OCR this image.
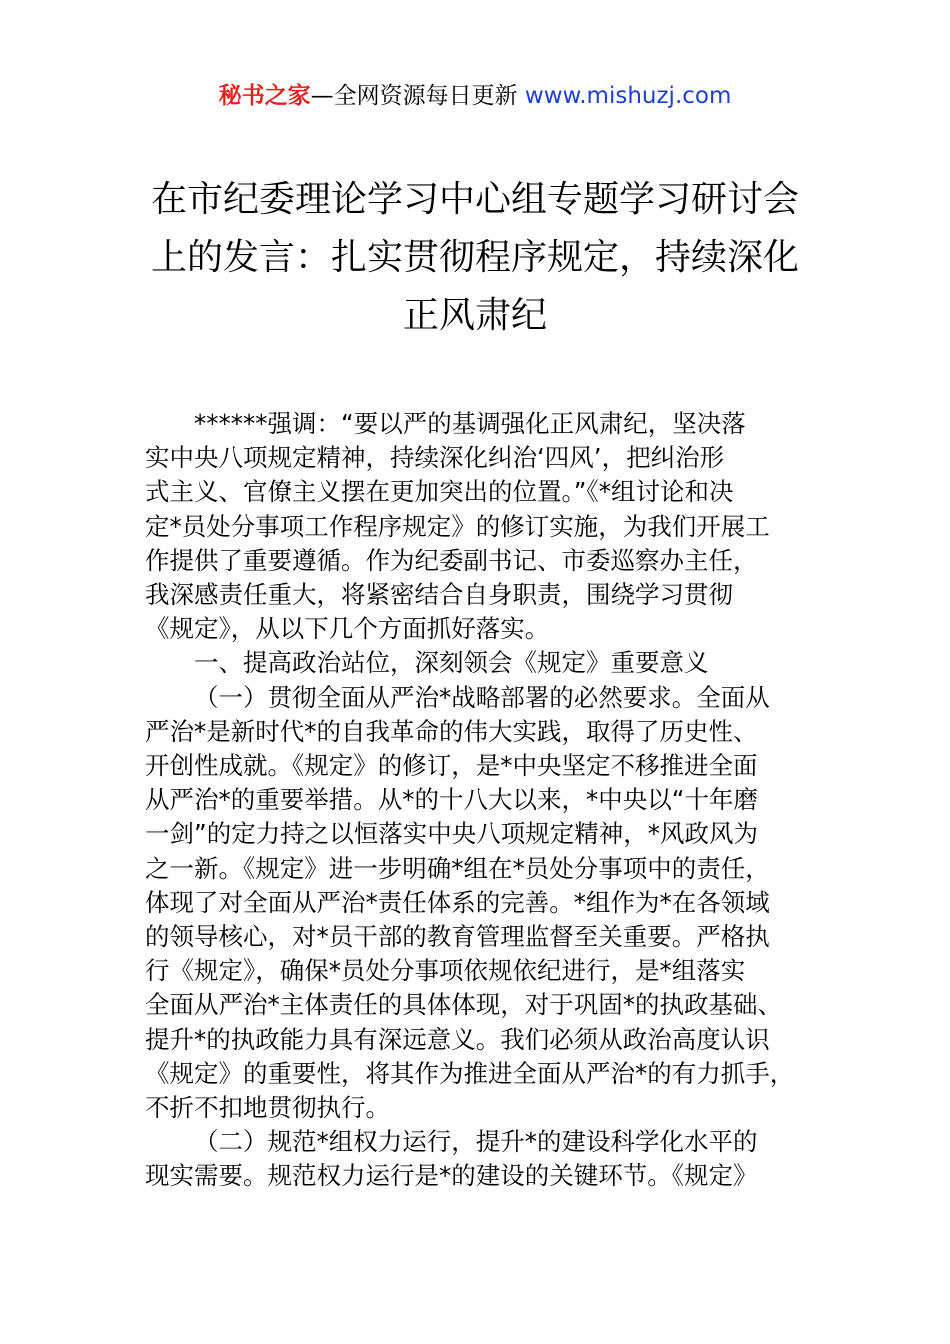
秘书之家—全网资源每日更新 www.mishuzj.com
在市纪委理论学习中心组专题学习研讨会
上的发言：扎实贯彻程序规定，持续深化
正风肃纪
******强调：“要以严的基调强化正风肃纪，坚决落
实中央八项规定精神，持续深化纠治‘四风’，把纠治形
式主义、官僚主义摆在更加突出的位置。”《*组讨论和决
定*员处分事项工作程序规定》的修订实施，为我们开展工
作提供了重要遵循。作为纪委副书记、市委巡察办主任，
我深感责任重大，将紧密结合自身职责，围绕学习贯彻
《规定》，从以下几个方面抓好落实。
一、提高政治站位，深刻领会《规定》重要意义
（一）贯彻全面从严治*战略部署的必然要求。全面从
严治*是新时代*的自我革命的伟大实践，取得了历史性、
开创性成就。《规定》的修订，是*中央坚定不移推进全面
从严治*的重要举措。从*的十八大以来，*中央以“十年磨
一剑”的定力持之以恒落实中央八项规定精神，*风政风为
之一新。《规定》进一步明确*组在*员处分事项中的责任，
体现了对全面从严治*责任体系的完善。*组作为*在各领域
的领导核心，对*员干部的教育管理监督至关重要。严格执
行《规定》，确保*员处分事项依规依纪进行，是*组落实
全面从严治*主体责任的具体体现，对于巩固*的执政基础、
提升*的执政能力具有深远意义。我们必须从政治高度认识
《规定》的重要性，将其作为推进全面从严治*的有力抓手，
不折不扣地贯彻执行。
（二）规范*组权力运行，提升*的建设科学化水平的
现实需要。规范权力运行是*的建设的关键环节。《规定》
